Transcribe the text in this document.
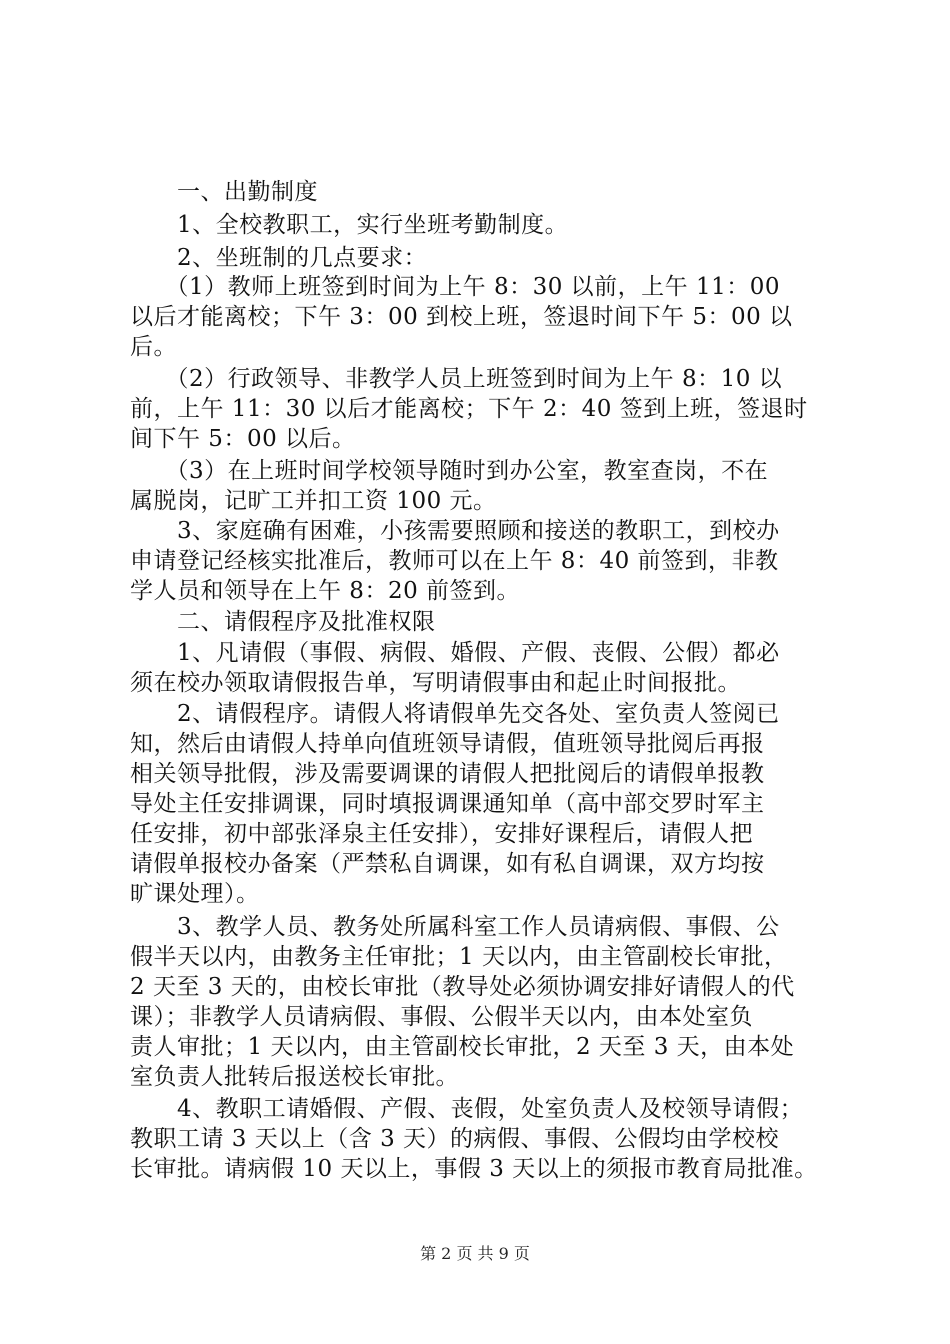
　　一、出勤制度
　　1、全校教职工，实行坐班考勤制度。
　　2、坐班制的几点要求：
　　（1）教师上班签到时间为上午 8：30 以前，上午 11：00
以后才能离校；下午 3：00 到校上班，签退时间下午 5：00 以
后。
　　（2）行政领导、非教学人员上班签到时间为上午 8：10 以
前，上午 11：30 以后才能离校；下午 2：40 签到上班，签退时
间下午 5：00 以后。
　　（3）在上班时间学校领导随时到办公室，教室查岗，不在
属脱岗，记旷工并扣工资 100 元。
　　3、家庭确有困难，小孩需要照顾和接送的教职工，到校办
申请登记经核实批准后，教师可以在上午 8：40 前签到，非教
学人员和领导在上午 8：20 前签到。
　　二、请假程序及批准权限
　　1、凡请假（事假、病假、婚假、产假、丧假、公假）都必
须在校办领取请假报告单，写明请假事由和起止时间报批。
　　2、请假程序。请假人将请假单先交各处、室负责人签阅已
知，然后由请假人持单向值班领导请假，值班领导批阅后再报
相关领导批假，涉及需要调课的请假人把批阅后的请假单报教
导处主任安排调课，同时填报调课通知单（高中部交罗时军主
任安排，初中部张泽泉主任安排），安排好课程后，请假人把
请假单报校办备案（严禁私自调课，如有私自调课，双方均按
旷课处理）。
　　3、教学人员、教务处所属科室工作人员请病假、事假、公
假半天以内，由教务主任审批；1 天以内，由主管副校长审批，
2 天至 3 天的，由校长审批（教导处必须协调安排好请假人的代
课）；非教学人员请病假、事假、公假半天以内，由本处室负
责人审批；1 天以内，由主管副校长审批，2 天至 3 天，由本处
室负责人批转后报送校长审批。
　　4、教职工请婚假、产假、丧假，处室负责人及校领导请假；
教职工请 3 天以上（含 3 天）的病假、事假、公假均由学校校
长审批。请病假 10 天以上，事假 3 天以上的须报市教育局批准。
第 2 页 共 9 页
